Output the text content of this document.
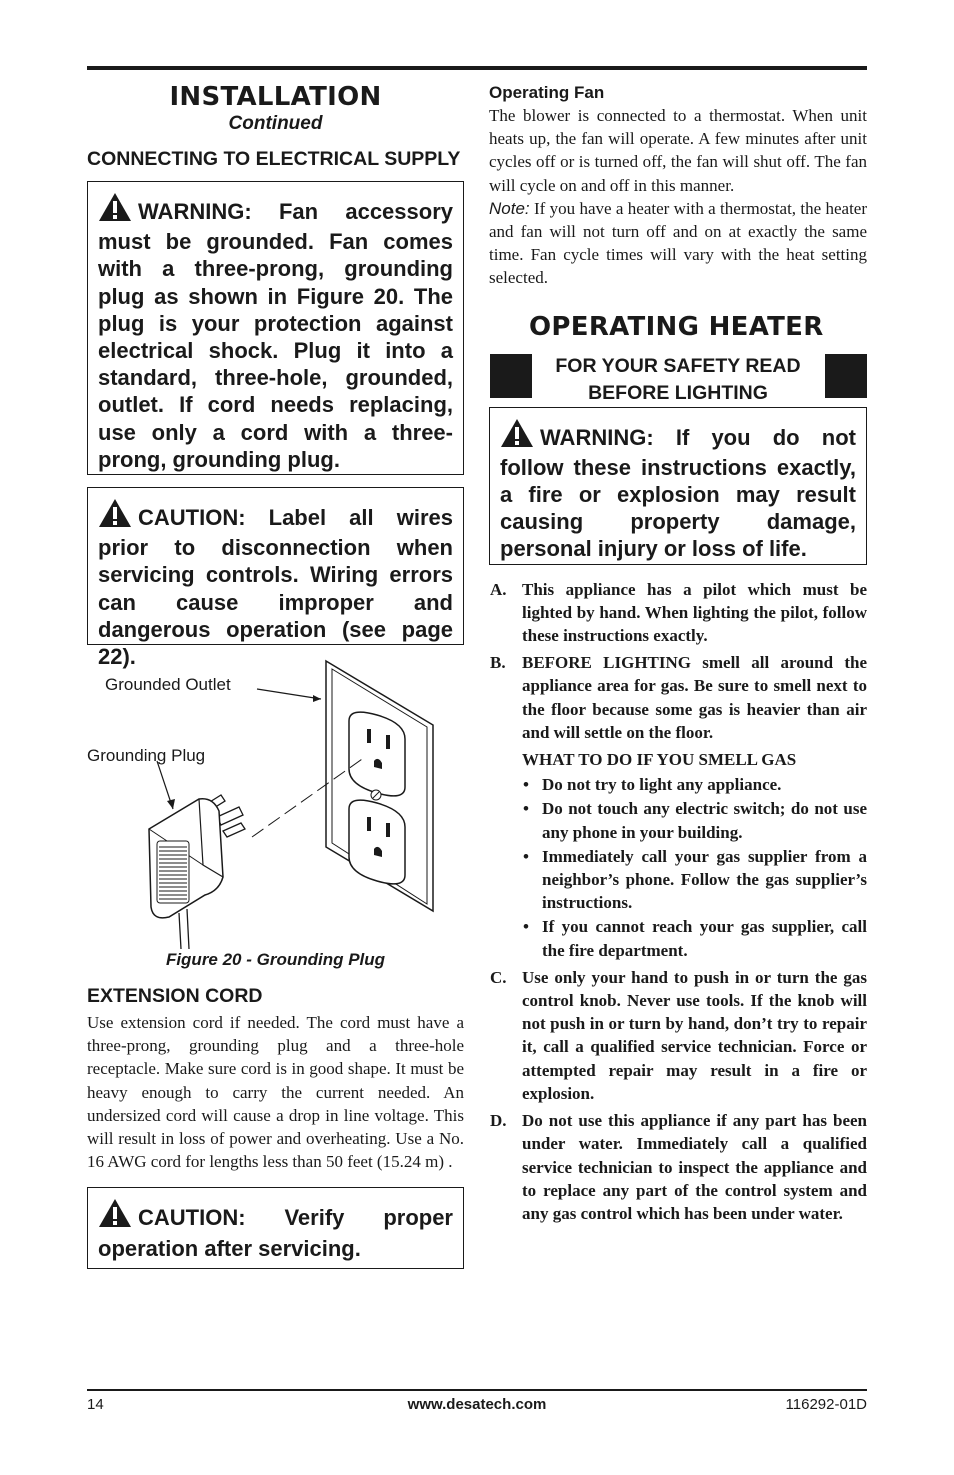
INSTALLATION

Continued

CONNECTING TO ELECTRICAL SUPPLY
WARNING: Fan accessory must be grounded. Fan comes with a three-prong, grounding plug as shown in Figure 20. The plug is your protection against electrical shock. Plug it into a standard, three-hole, grounded, outlet. If cord needs replacing, use only a cord with a three-prong, grounding plug.
CAUTION: Label all wires prior to disconnection when servicing controls. Wiring errors can cause improper and dangerous operation (see page 22).
Grounded Outlet
Grounding Plug

Figure 20 - Grounding Plug

EXTENSION CORD

Use extension cord if needed. The cord must have a three-prong, grounding plug and a three-hole receptacle. Make sure cord is in good shape. It must be heavy enough to carry the current needed. An undersized cord will cause a drop in line voltage. This will result in loss of power and overheating. Use a No. 16 AWG cord for lengths less than 50 feet (15.24 m) .

CAUTION: Verify proper operation after servicing.
Operating Fan

The blower is connected to a thermostat. When unit heats up, the fan will operate. A few minutes after unit cycles off or is turned off, the fan will shut off. The fan will cycle on and off in this manner.

Note: If you have a heater with a thermostat, the heater and fan will not turn off and on at exactly the same time. Fan cycle times will vary with the heat setting selected.

OPERATING HEATER
FOR YOUR SAFETY READ BEFORE LIGHTING
WARNING: If you do not follow these instructions exactly, a fire or explosion may result causing property damage, personal injury or loss of life.
A. This appliance has a pilot which must be lighted by hand. When lighting the pilot, follow these instructions exactly.
B. BEFORE LIGHTING smell all around the appliance area for gas. Be sure to smell next to the floor because some gas is heavier than air and will settle on the floor.
WHAT TO DO IF YOU SMELL GAS
• Do not try to light any appliance.
• Do not touch any electric switch; do not use any phone in your building.
• Immediately call your gas supplier from a neighbor’s phone. Follow the gas supplier’s instructions.
• If you cannot reach your gas supplier, call the fire department.
C. Use only your hand to push in or turn the gas control knob. Never use tools. If the knob will not push in or turn by hand, don’t try to repair it, call a qualified service technician. Force or attempted repair may result in a fire or explosion.
D. Do not use this appliance if any part has been under water. Immediately call a qualified service technician to inspect the appliance and to replace any part of the control system and any gas control which has been under water.
14	www.desatech.com	116292-01D
